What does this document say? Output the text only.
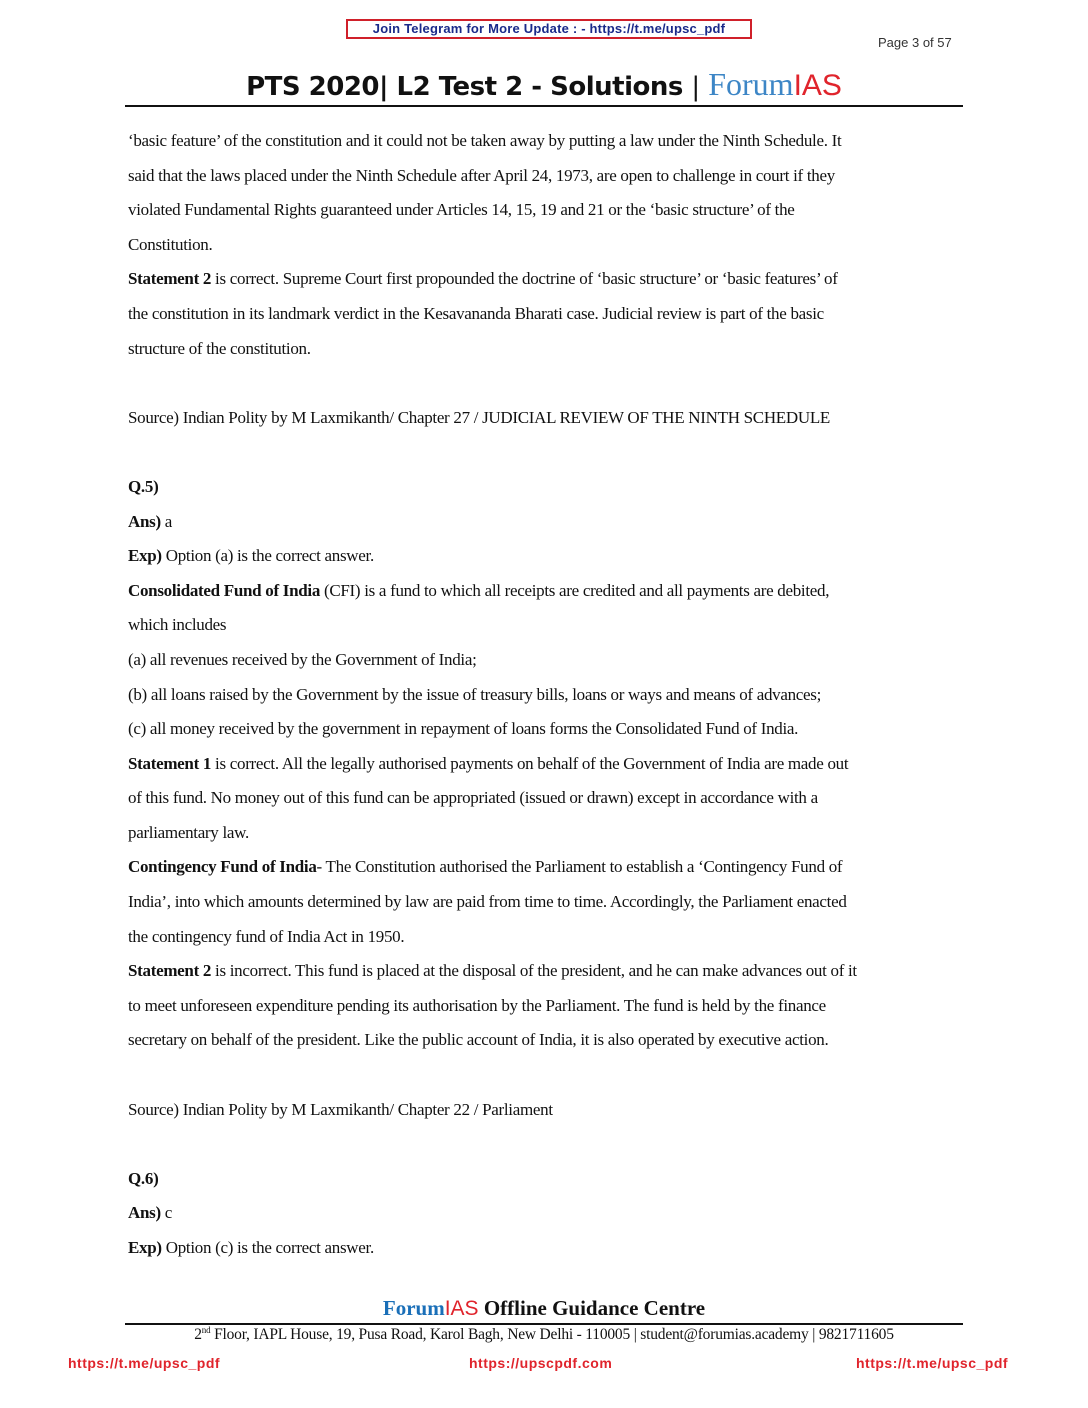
Join Telegram for More Update : - https://t.me/upsc_pdf
Page 3 of 57
PTS 2020| L2 Test 2 - Solutions | ForumIAS
‘basic feature’ of the constitution and it could not be taken away by putting a law under the Ninth Schedule. It
said that the laws placed under the Ninth Schedule after April 24, 1973, are open to challenge in court if they
violated Fundamental Rights guaranteed under Articles 14, 15, 19 and 21 or the ‘basic structure’ of the
Constitution.
Statement 2 is correct. Supreme Court first propounded the doctrine of ‘basic structure’ or ‘basic features’ of
the constitution in its landmark verdict in the Kesavananda Bharati case. Judicial review is part of the basic
structure of the constitution.
Source) Indian Polity by M Laxmikanth/ Chapter 27 / JUDICIAL REVIEW OF THE NINTH SCHEDULE
Q.5)
Ans) a
Exp) Option (a) is the correct answer.
Consolidated Fund of India (CFI) is a fund to which all receipts are credited and all payments are debited,
which includes
(a) all revenues received by the Government of India;
(b) all loans raised by the Government by the issue of treasury bills, loans or ways and means of advances;
(c) all money received by the government in repayment of loans forms the Consolidated Fund of India.
Statement 1 is correct. All the legally authorised payments on behalf of the Government of India are made out
of this fund. No money out of this fund can be appropriated (issued or drawn) except in accordance with a
parliamentary law.
Contingency Fund of India- The Constitution authorised the Parliament to establish a ‘Contingency Fund of
India’, into which amounts determined by law are paid from time to time. Accordingly, the Parliament enacted
the contingency fund of India Act in 1950.
Statement 2 is incorrect. This fund is placed at the disposal of the president, and he can make advances out of it
to meet unforeseen expenditure pending its authorisation by the Parliament. The fund is held by the finance
secretary on behalf of the president. Like the public account of India, it is also operated by executive action.
Source) Indian Polity by M Laxmikanth/ Chapter 22 / Parliament
Q.6)
Ans) c
Exp) Option (c) is the correct answer.
ForumIAS Offline Guidance Centre
2nd Floor, IAPL House, 19, Pusa Road, Karol Bagh, New Delhi - 110005 | student@forumias.academy | 9821711605
https://t.me/upsc_pdf	https://upscpdf.com	https://t.me/upsc_pdf
